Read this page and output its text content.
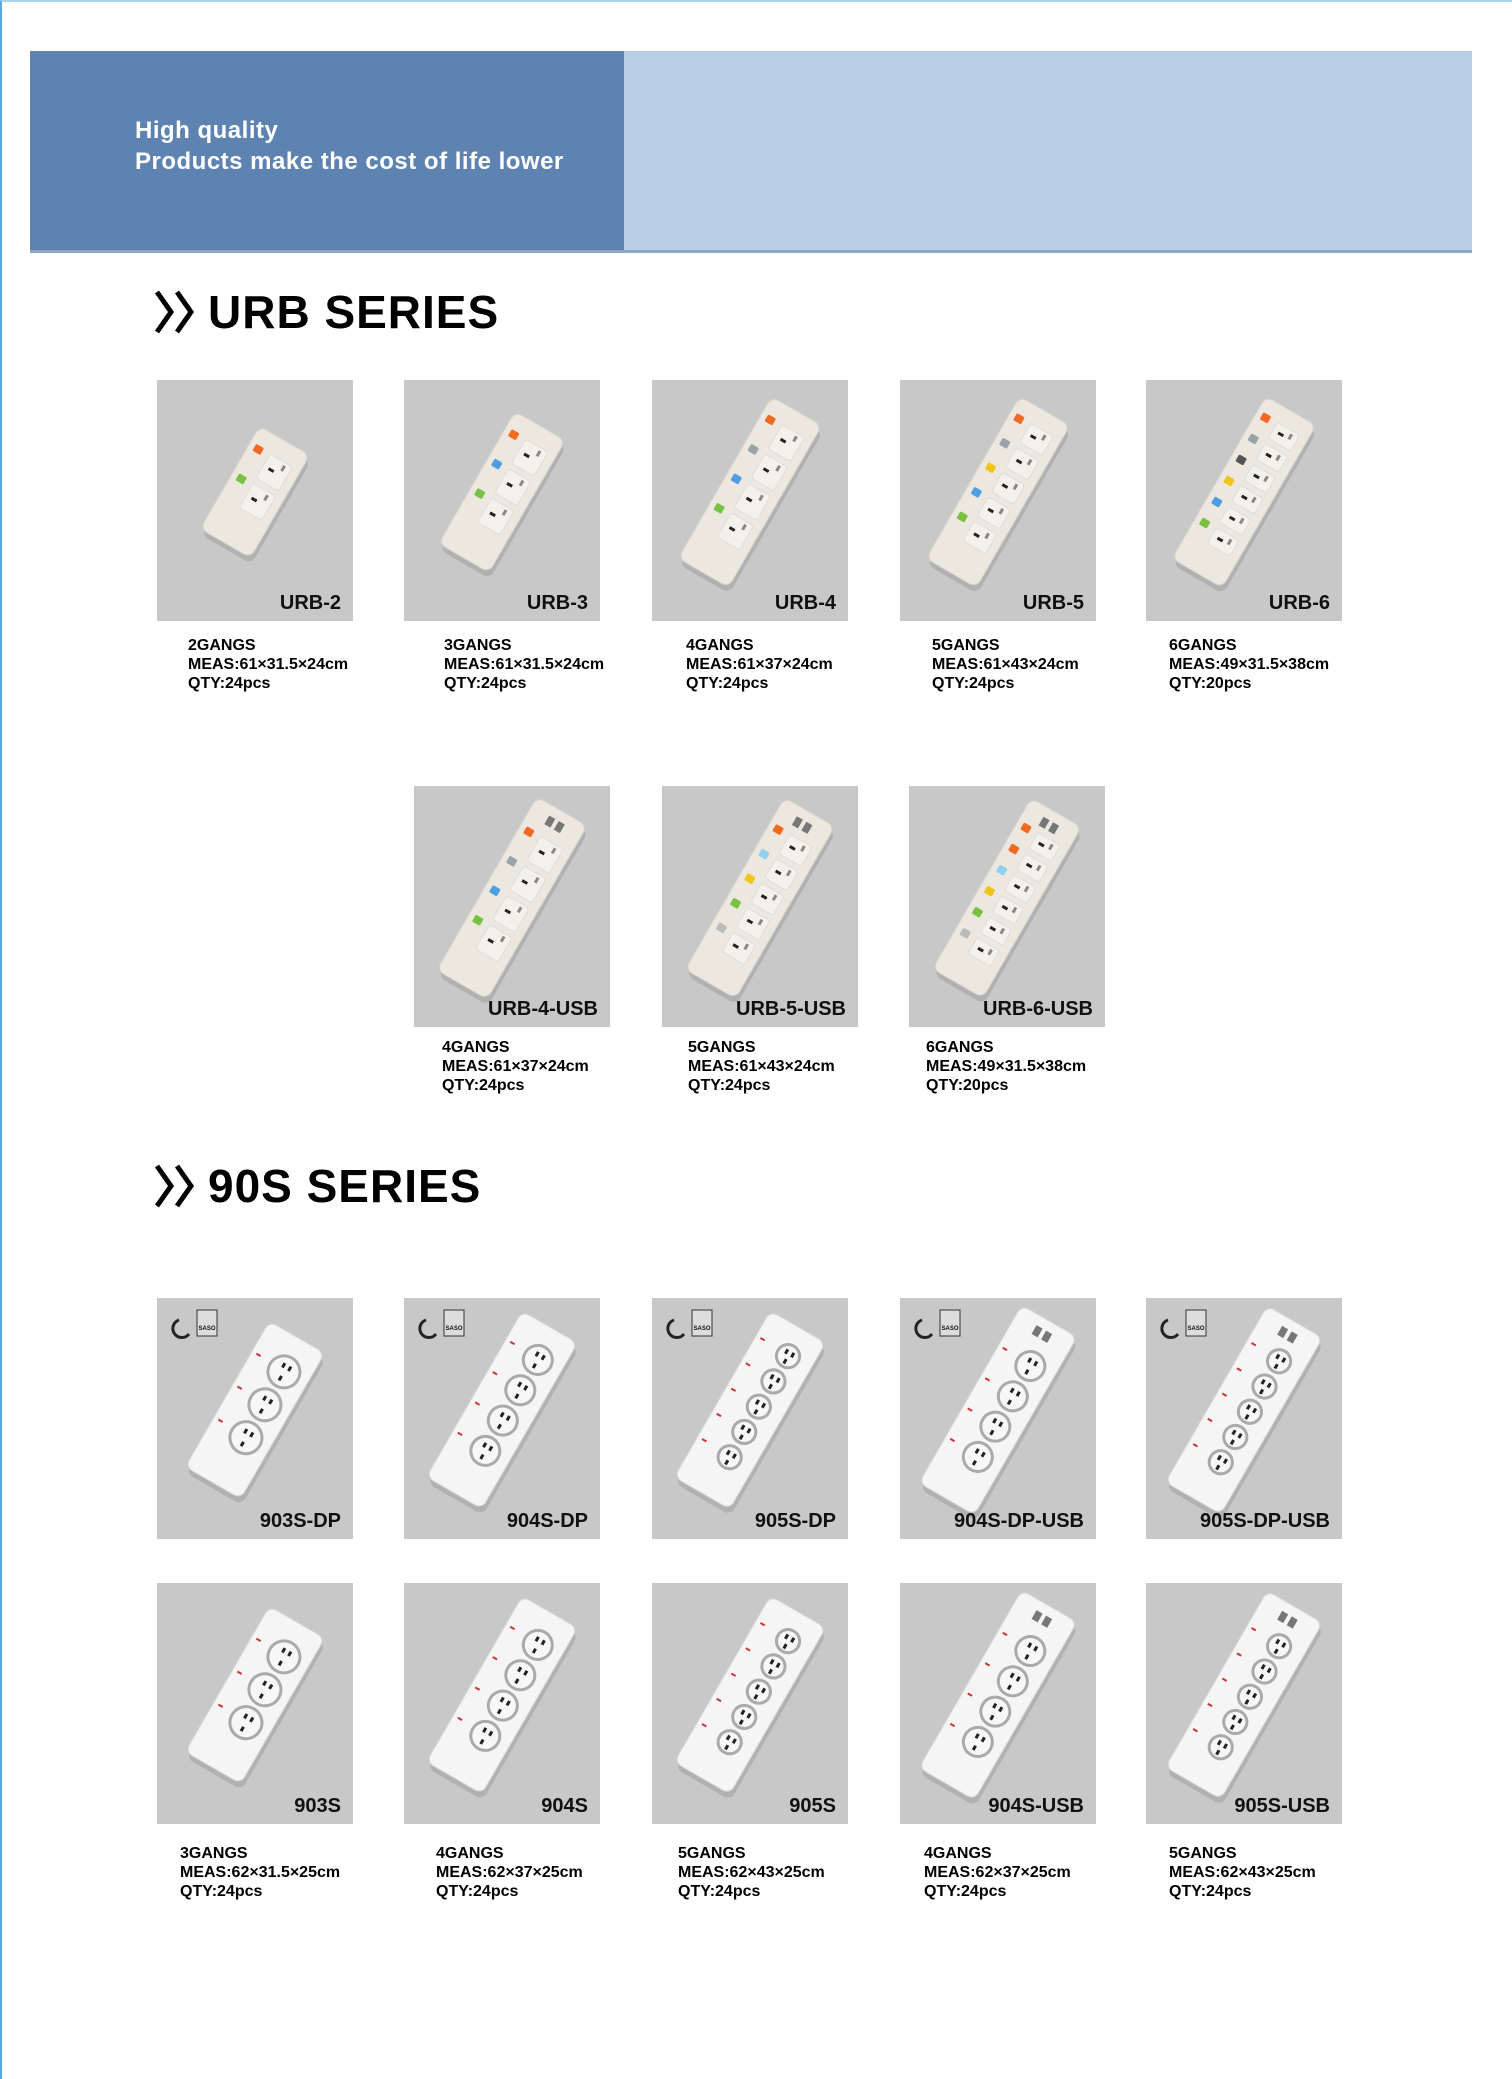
High quality
Products make the cost of life lower
URB SERIES
90S SERIES
URB-2
2GANGS
MEAS:61×31.5×24cm
QTY:24pcs
URB-3
3GANGS
MEAS:61×31.5×24cm
QTY:24pcs
URB-4
4GANGS
MEAS:61×37×24cm
QTY:24pcs
URB-5
5GANGS
MEAS:61×43×24cm
QTY:24pcs
URB-6
6GANGS
MEAS:49×31.5×38cm
QTY:20pcs
URB-4-USB
4GANGS
MEAS:61×37×24cm
QTY:24pcs
URB-5-USB
5GANGS
MEAS:61×43×24cm
QTY:24pcs
URB-6-USB
6GANGS
MEAS:49×31.5×38cm
QTY:20pcs
SASO
903S-DP
903S
3GANGS
MEAS:62×31.5×25cm
QTY:24pcs
SASO
904S-DP
904S
4GANGS
MEAS:62×37×25cm
QTY:24pcs
SASO
905S-DP
905S
5GANGS
MEAS:62×43×25cm
QTY:24pcs
SASO
904S-DP-USB
904S-USB
4GANGS
MEAS:62×37×25cm
QTY:24pcs
SASO
905S-DP-USB
905S-USB
5GANGS
MEAS:62×43×25cm
QTY:24pcs
